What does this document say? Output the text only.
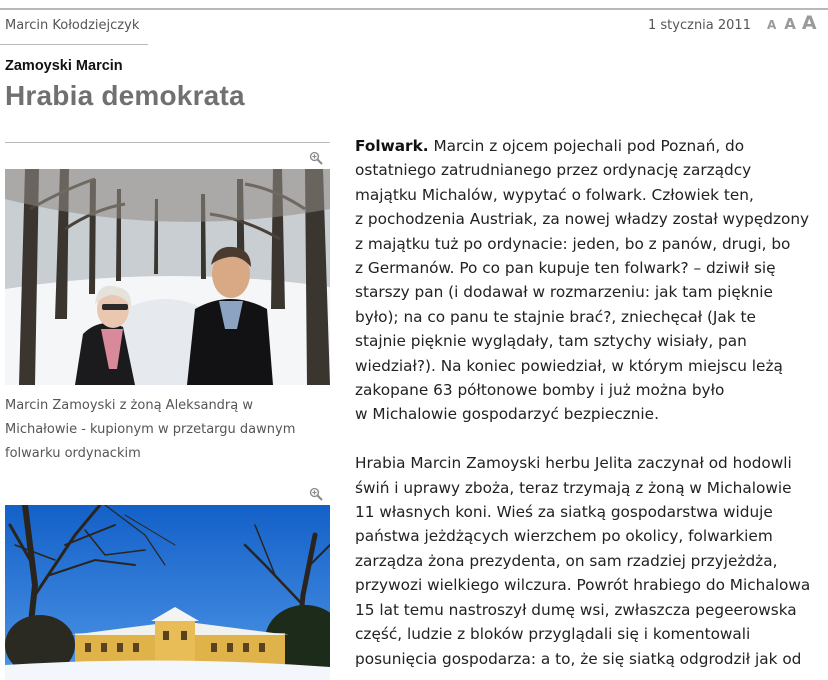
Marcin Kołodziejczyk	1 stycznia 2011 A A A
Zamoyski Marcin
Hrabia demokrata
Marcin Zamoyski z żoną Aleksandrą w
Michałowie - kupionym w przetargu dawnym
folwarku ordynackim

Folwark. Marcin z ojcem pojechali pod Poznań, do
ostatniego zatrudnianego przez ordynację zarządcy
majątku Michalów, wypytać o folwark. Człowiek ten,
z pochodzenia Austriak, za nowej władzy został wypędzony
z majątku tuż po ordynacie: jeden, bo z panów, drugi, bo
z Germanów. Po co pan kupuje ten folwark? – dziwił się
starszy pan (i dodawał w rozmarzeniu: jak tam pięknie
było); na co panu te stajnie brać?, zniechęcał (Jak te
stajnie pięknie wyglądały, tam sztychy wisiały, pan
wiedział?). Na koniec powiedział, w którym miejscu leżą
zakopane 63 półtonowe bomby i już można było
w Michalowie gospodarzyć bezpiecznie.

Hrabia Marcin Zamoyski herbu Jelita zaczynał od hodowli
świń i uprawy zboża, teraz trzymają z żoną w Michalowie
11 własnych koni. Wieś za siatką gospodarstwa widuje
państwa jeżdżących wierzchem po okolicy, folwarkiem
zarządza żona prezydenta, on sam rzadziej przyjeżdża,
przywozi wielkiego wilczura. Powrót hrabiego do Michalowa
15 lat temu nastroszył dumę wsi, zwłaszcza pegeerowska
część, ludzie z bloków przyglądali się i komentowali
posunięcia gospodarza: a to, że się siatką odgrodził jak od
